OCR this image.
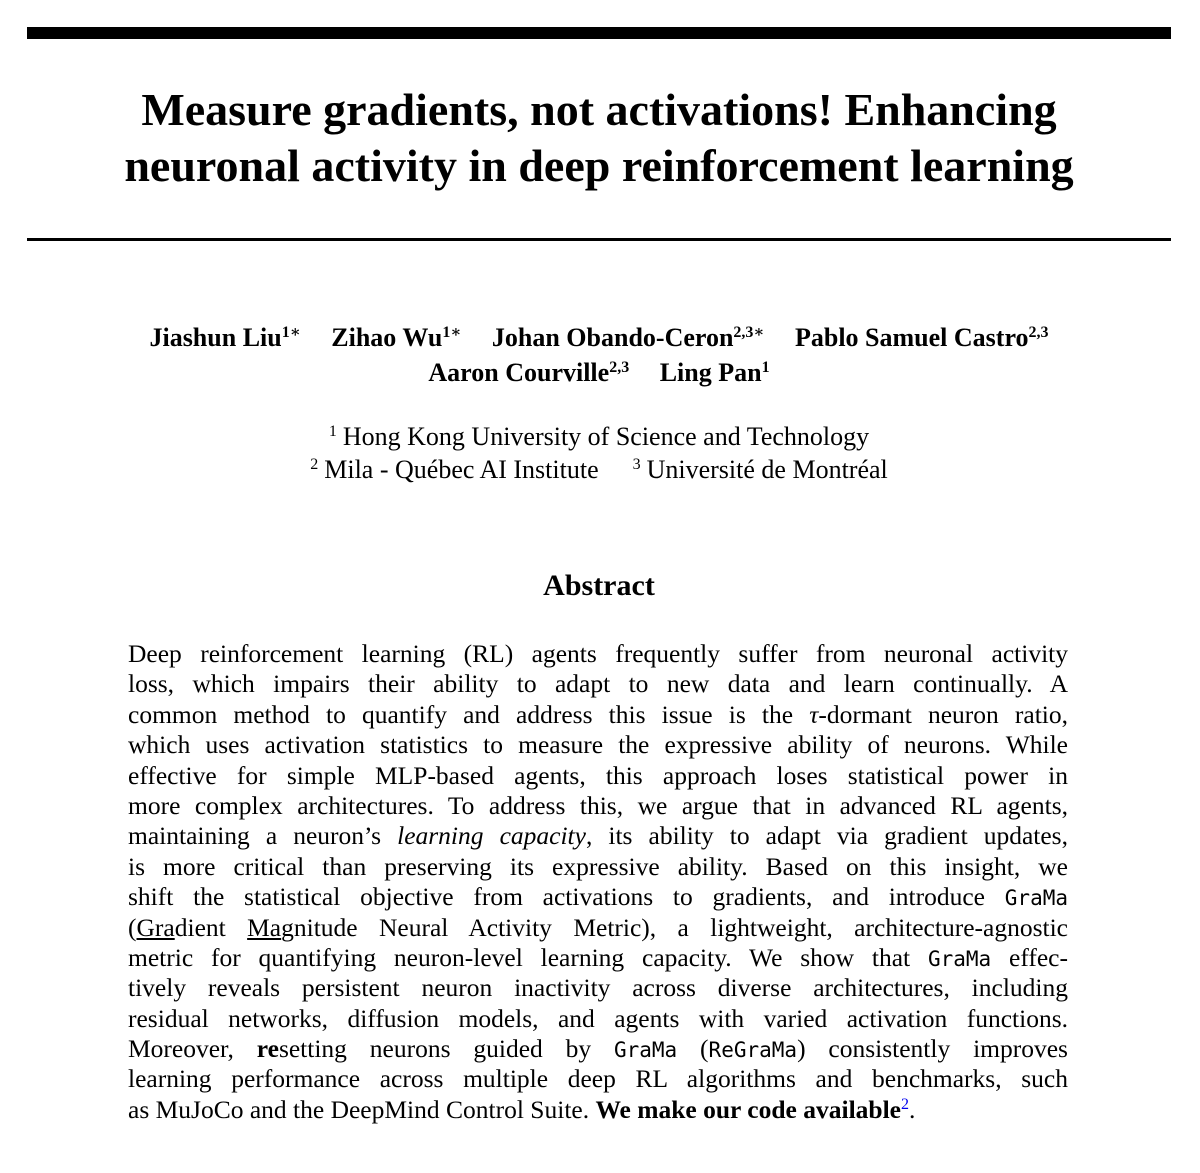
Measure gradients, not activations! Enhancing
neuronal activity in deep reinforcement learning
Jiashun Liu$^{1∗}$ Zihao $Wu^{1∗}$ Johan Obando-Ceron$^{2,3∗}$ Pablo Samuel Castro$^{2,3}$
Aaron Courville$^{2,3}$ Ling Pan$^1$
$^1$ Hong Kong University of Science and Technology
$^2$ Mila - Québec AI Institute $^3$ Université de Montréal
Abstract
Deep reinforcement learning (RL) agents frequently suffer from neuronal activity
loss, which impairs their ability to adapt to new data and learn continually. A
common method to quantify and address this issue is the τ-dormant neuron ratio,
which uses activation statistics to measure the expressive ability of neurons. While
effective for simple MLP-based agents, this approach loses statistical power in
more complex architectures. To address this, we argue that in advanced RL agents,
maintaining a neuron’s learning capacity, its ability to adapt via gradient updates,
is more critical than preserving its expressive ability. Based on this insight, we
shift the statistical objective from activations to gradients, and introduce GraMa
(Gradient Magnitude Neural Activity Metric), a lightweight, architecture-agnostic
metric for quantifying neuron-level learning capacity. We show that GraMa effec-
tively reveals persistent neuron inactivity across diverse architectures, including
residual networks, diffusion models, and agents with varied activation functions.
Moreover, resetting neurons guided by GraMa (ReGraMa) consistently improves
learning performance across multiple deep RL algorithms and benchmarks, such
as MuJoCo and the DeepMind Control Suite. We make our code available$^2$.
